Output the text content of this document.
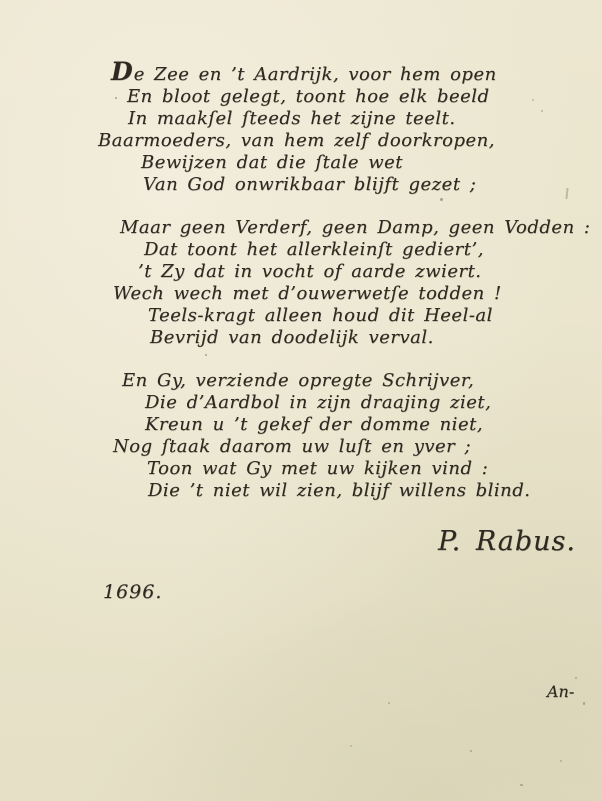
De Zee en ’t Aardrijk, voor hem open
En bloot gelegt, toont hoe elk beeld
In maakſel ſteeds het zijne teelt.
Baarmoeders, van hem zelf doorkropen,
Bewijzen dat die ſtale wet
Van God onwrikbaar blijft gezet ;
Maar geen Verderf, geen Damp, geen Vodden :
Dat toont het allerkleinſt gediert’,
’t Zy dat in vocht of aarde zwiert.
Wech wech met d’ouwerwetſe todden !
Teels-kragt alleen houd dit Heel-al
Bevrijd van doodelijk verval.
En Gy, verziende opregte Schrijver,
Die d’Aardbol in zijn draajing ziet,
Kreun u ’t gekef der domme niet,
Nog ſtaak daarom uw luſt en yver ;
Toon wat Gy met uw kijken vind :
Die ’t niet wil zien, blijf willens blind.
P. Rabus.
1696.
An-
